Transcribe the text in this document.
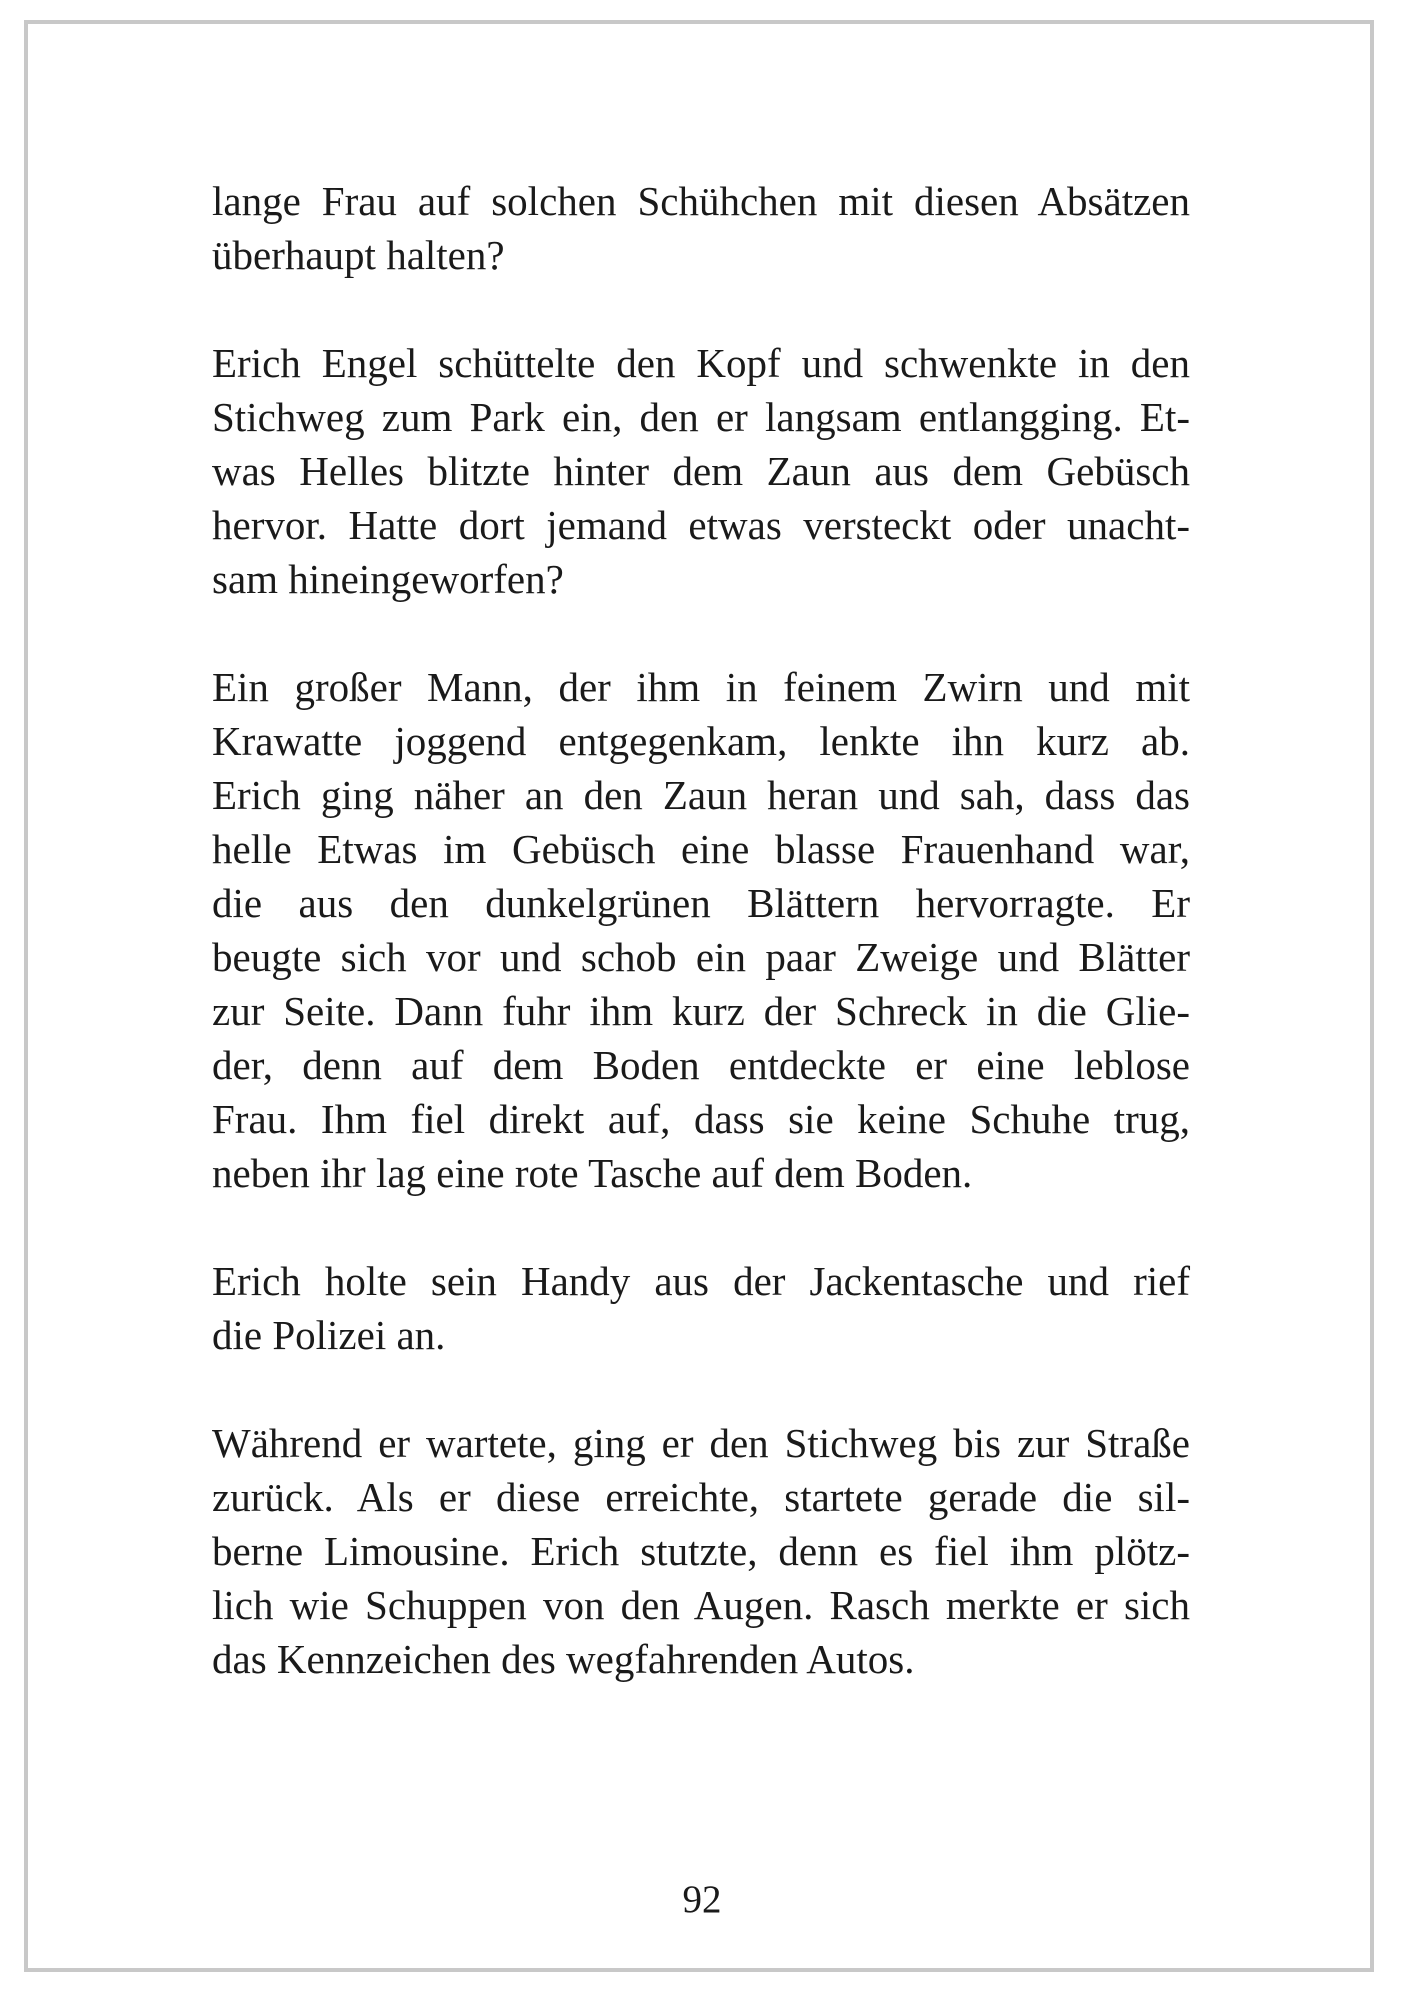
lange Frau auf solchen Schühchen mit diesen Absätzen
überhaupt halten?
Erich Engel schüttelte den Kopf und schwenkte in den
Stichweg zum Park ein, den er langsam entlangging. Et-
was Helles blitzte hinter dem Zaun aus dem Gebüsch
hervor. Hatte dort jemand etwas versteckt oder unacht-
sam hineingeworfen?
Ein großer Mann, der ihm in feinem Zwirn und mit
Krawatte joggend entgegenkam, lenkte ihn kurz ab.
Erich ging näher an den Zaun heran und sah, dass das
helle Etwas im Gebüsch eine blasse Frauenhand war,
die aus den dunkelgrünen Blättern hervorragte. Er
beugte sich vor und schob ein paar Zweige und Blätter
zur Seite. Dann fuhr ihm kurz der Schreck in die Glie-
der, denn auf dem Boden entdeckte er eine leblose
Frau. Ihm fiel direkt auf, dass sie keine Schuhe trug,
neben ihr lag eine rote Tasche auf dem Boden.
Erich holte sein Handy aus der Jackentasche und rief
die Polizei an.
Während er wartete, ging er den Stichweg bis zur Straße
zurück. Als er diese erreichte, startete gerade die sil-
berne Limousine. Erich stutzte, denn es fiel ihm plötz-
lich wie Schuppen von den Augen. Rasch merkte er sich
das Kennzeichen des wegfahrenden Autos.
92
